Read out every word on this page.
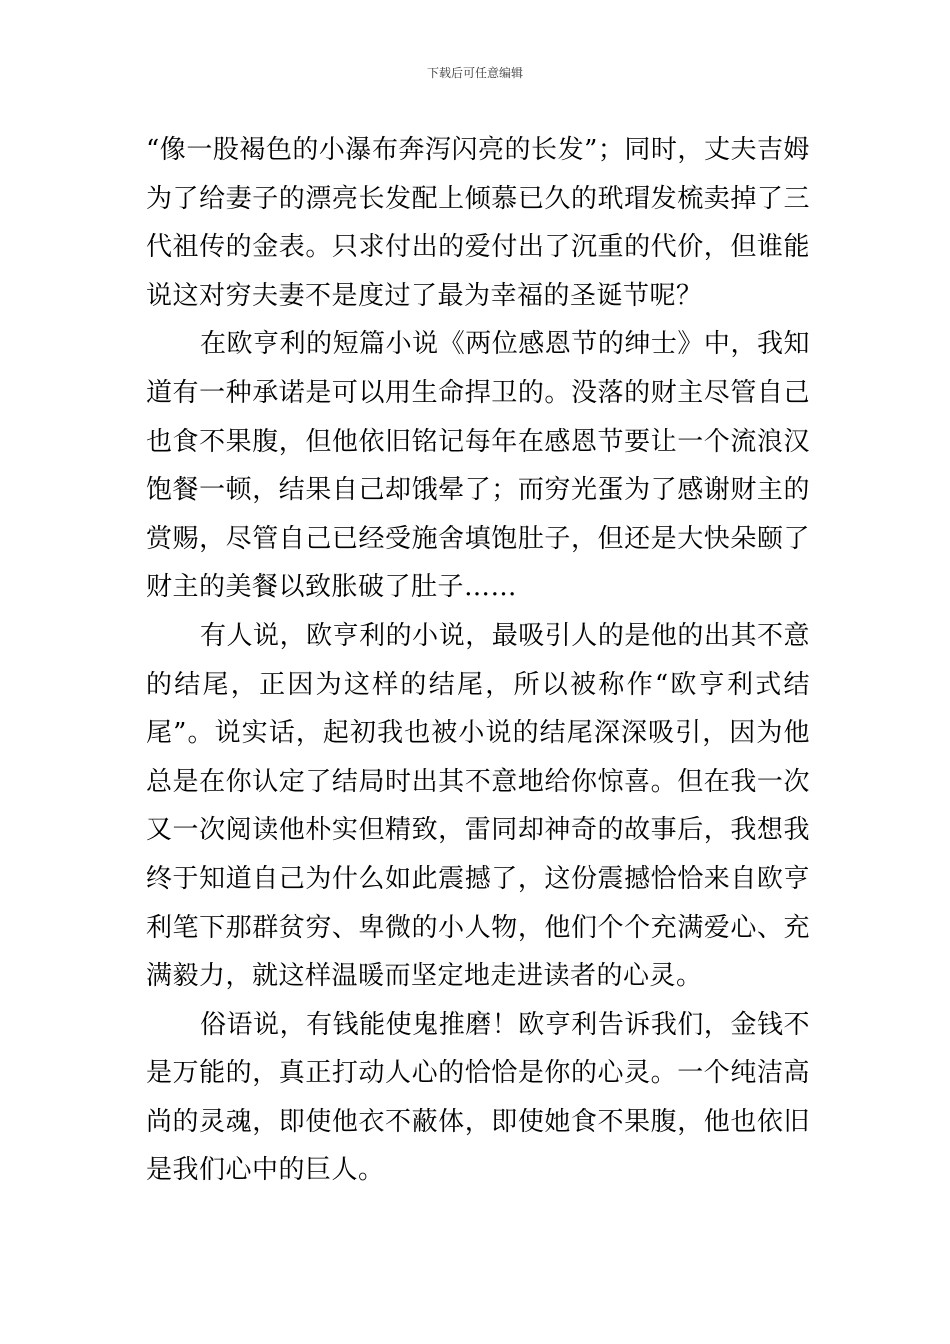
下载后可任意编辑

“像一股褐色的小瀑布奔泻闪亮的长发”；同时，丈夫吉姆为了给妻子的漂亮长发配上倾慕已久的玳瑁发梳卖掉了三代祖传的金表。只求付出的爱付出了沉重的代价，但谁能说这对穷夫妻不是度过了最为幸福的圣诞节呢？

在欧亨利的短篇小说《两位感恩节的绅士》中，我知道有一种承诺是可以用生命捍卫的。没落的财主尽管自己也食不果腹，但他依旧铭记每年在感恩节要让一个流浪汉饱餐一顿，结果自己却饿晕了；而穷光蛋为了感谢财主的赏赐，尽管自己已经受施舍填饱肚子，但还是大快朵颐了财主的美餐以致胀破了肚子……

有人说，欧亨利的小说，最吸引人的是他的出其不意的结尾，正因为这样的结尾，所以被称作“欧亨利式结尾”。说实话，起初我也被小说的结尾深深吸引，因为他总是在你认定了结局时出其不意地给你惊喜。但在我一次又一次阅读他朴实但精致，雷同却神奇的故事后，我想我终于知道自己为什么如此震撼了，这份震撼恰恰来自欧亨利笔下那群贫穷、卑微的小人物，他们个个充满爱心、充满毅力，就这样温暖而坚定地走进读者的心灵。

俗语说，有钱能使鬼推磨！欧亨利告诉我们，金钱不是万能的，真正打动人心的恰恰是你的心灵。一个纯洁高尚的灵魂，即使他衣不蔽体，即使她食不果腹，他也依旧是我们心中的巨人。
